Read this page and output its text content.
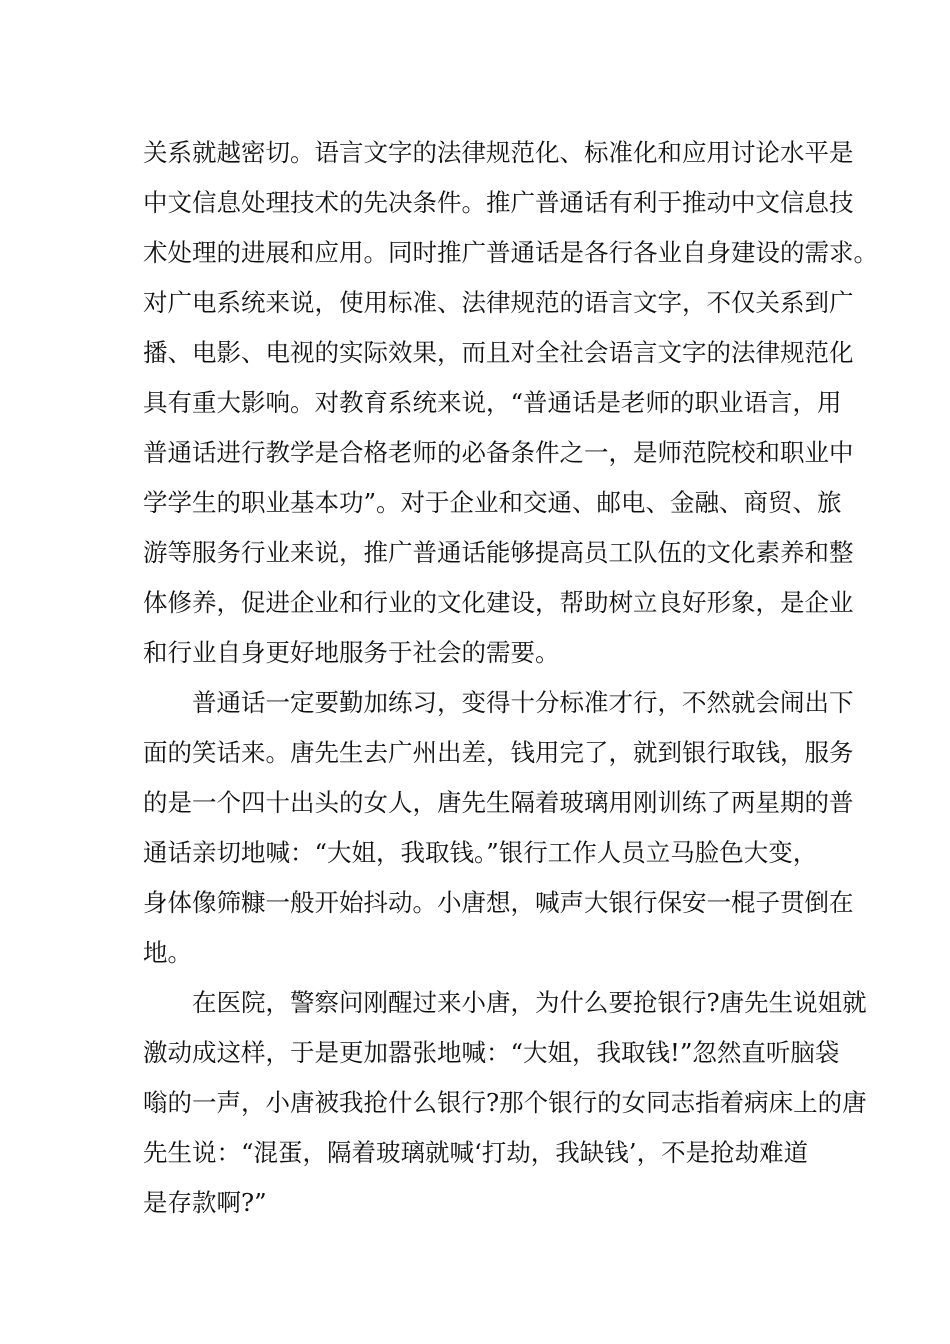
关系就越密切。语言文字的法律规范化、标准化和应用讨论水平是
中文信息处理技术的先决条件。推广普通话有利于推动中文信息技
术处理的进展和应用。同时推广普通话是各行各业自身建设的需求。
对广电系统来说，使用标准、法律规范的语言文字，不仅关系到广
播、电影、电视的实际效果，而且对全社会语言文字的法律规范化
具有重大影响。对教育系统来说，“普通话是老师的职业语言，用
普通话进行教学是合格老师的必备条件之一，是师范院校和职业中
学学生的职业基本功”。对于企业和交通、邮电、金融、商贸、旅
游等服务行业来说，推广普通话能够提高员工队伍的文化素养和整
体修养，促进企业和行业的文化建设，帮助树立良好形象，是企业
和行业自身更好地服务于社会的需要。
　　普通话一定要勤加练习，变得十分标准才行，不然就会闹出下
面的笑话来。唐先生去广州出差，钱用完了，就到银行取钱，服务
的是一个四十出头的女人，唐先生隔着玻璃用刚训练了两星期的普
通话亲切地喊：“大姐，我取钱。”银行工作人员立马脸色大变，
身体像筛糠一般开始抖动。小唐想，喊声大银行保安一棍子贯倒在
地。
　　在医院，警察问刚醒过来小唐，为什么要抢银行?唐先生说姐就
激动成这样，于是更加嚣张地喊：“大姐，我取钱!”忽然直听脑袋
嗡的一声，小唐被我抢什么银行?那个银行的女同志指着病床上的唐
先生说：“混蛋，隔着玻璃就喊‘打劫，我缺钱’，不是抢劫难道
是存款啊?”
